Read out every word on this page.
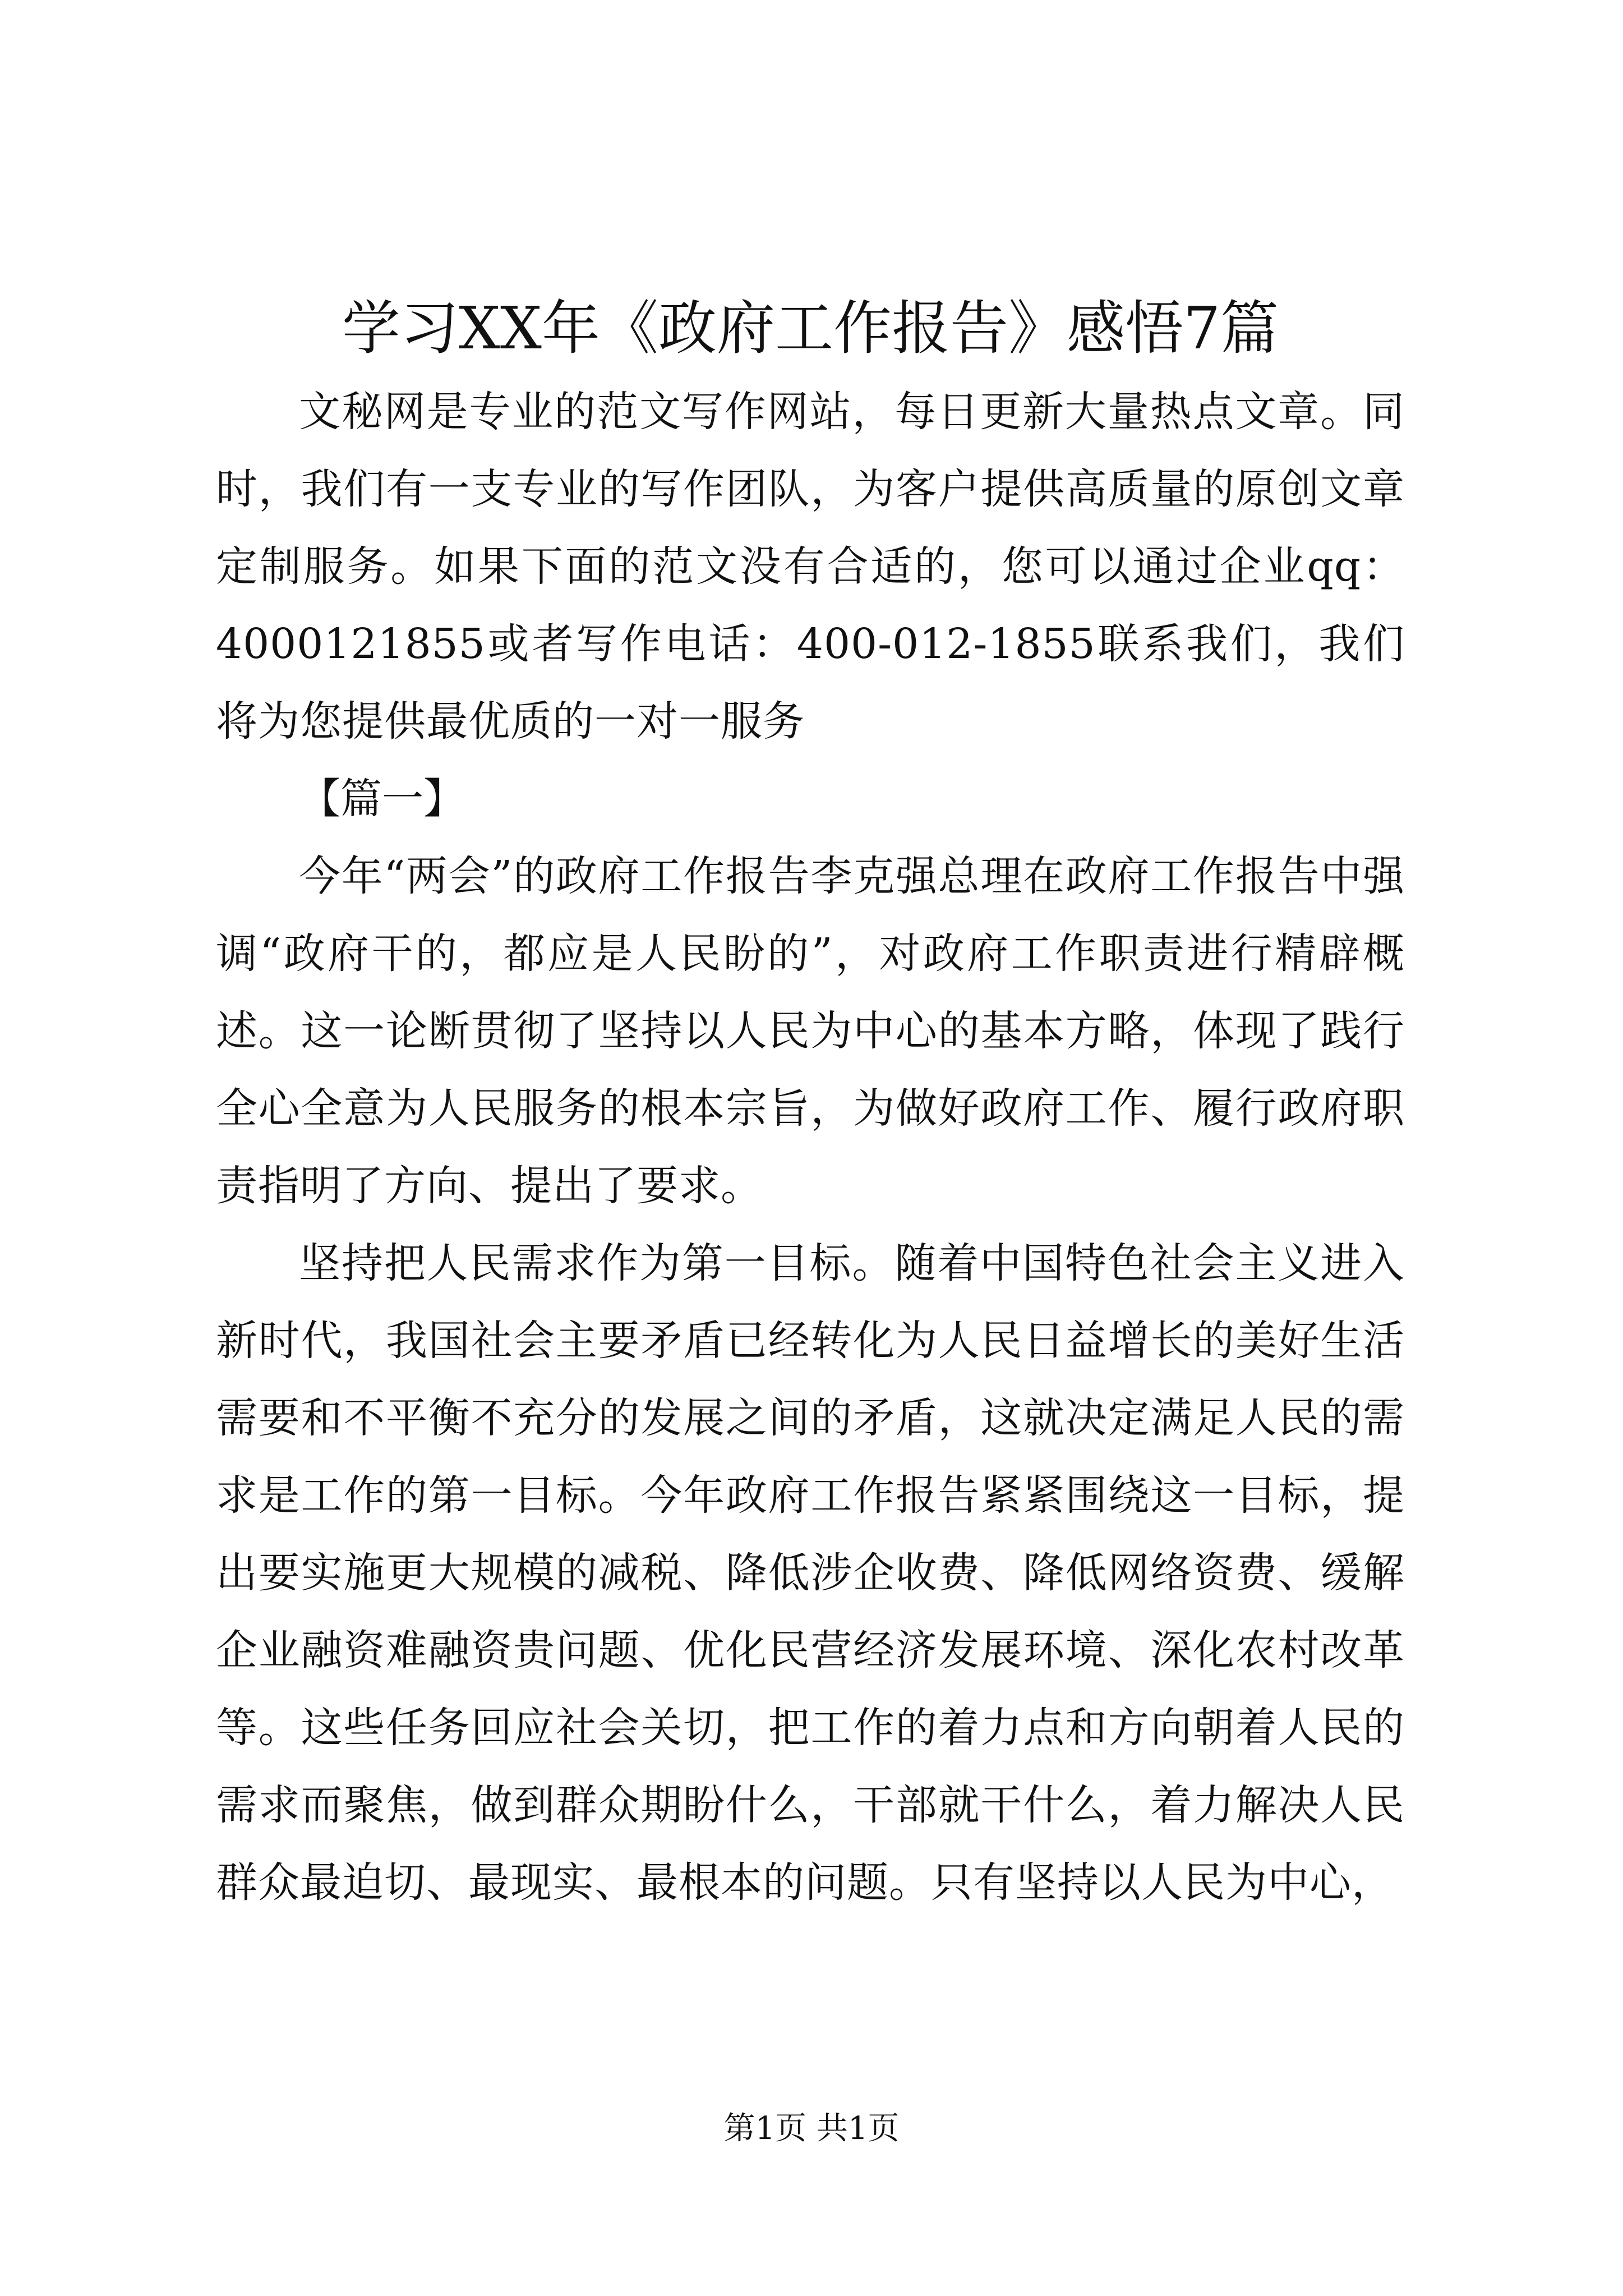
学习XX年《政府工作报告》感悟7篇

文秘网是专业的范文写作网站，每日更新大量热点文章。同时，我们有一支专业的写作团队，为客户提供高质量的原创文章定制服务。如果下面的范文没有合适的，您可以通过企业qq：4000121855或者写作电话：400-012-1855联系我们，我们将为您提供最优质的一对一服务

【篇一】

今年“两会”的政府工作报告李克强总理在政府工作报告中强调“政府干的，都应是人民盼的”，对政府工作职责进行精辟概述。这一论断贯彻了坚持以人民为中心的基本方略，体现了践行全心全意为人民服务的根本宗旨，为做好政府工作、履行政府职责指明了方向、提出了要求。

坚持把人民需求作为第一目标。随着中国特色社会主义进入新时代，我国社会主要矛盾已经转化为人民日益增长的美好生活需要和不平衡不充分的发展之间的矛盾，这就决定满足人民的需求是工作的第一目标。今年政府工作报告紧紧围绕这一目标，提出要实施更大规模的减税、降低涉企收费、降低网络资费、缓解企业融资难融资贵问题、优化民营经济发展环境、深化农村改革等。这些任务回应社会关切，把工作的着力点和方向朝着人民的需求而聚焦，做到群众期盼什么，干部就干什么，着力解决人民群众最迫切、最现实、最根本的问题。只有坚持以人民为中心，

第1页 共1页
